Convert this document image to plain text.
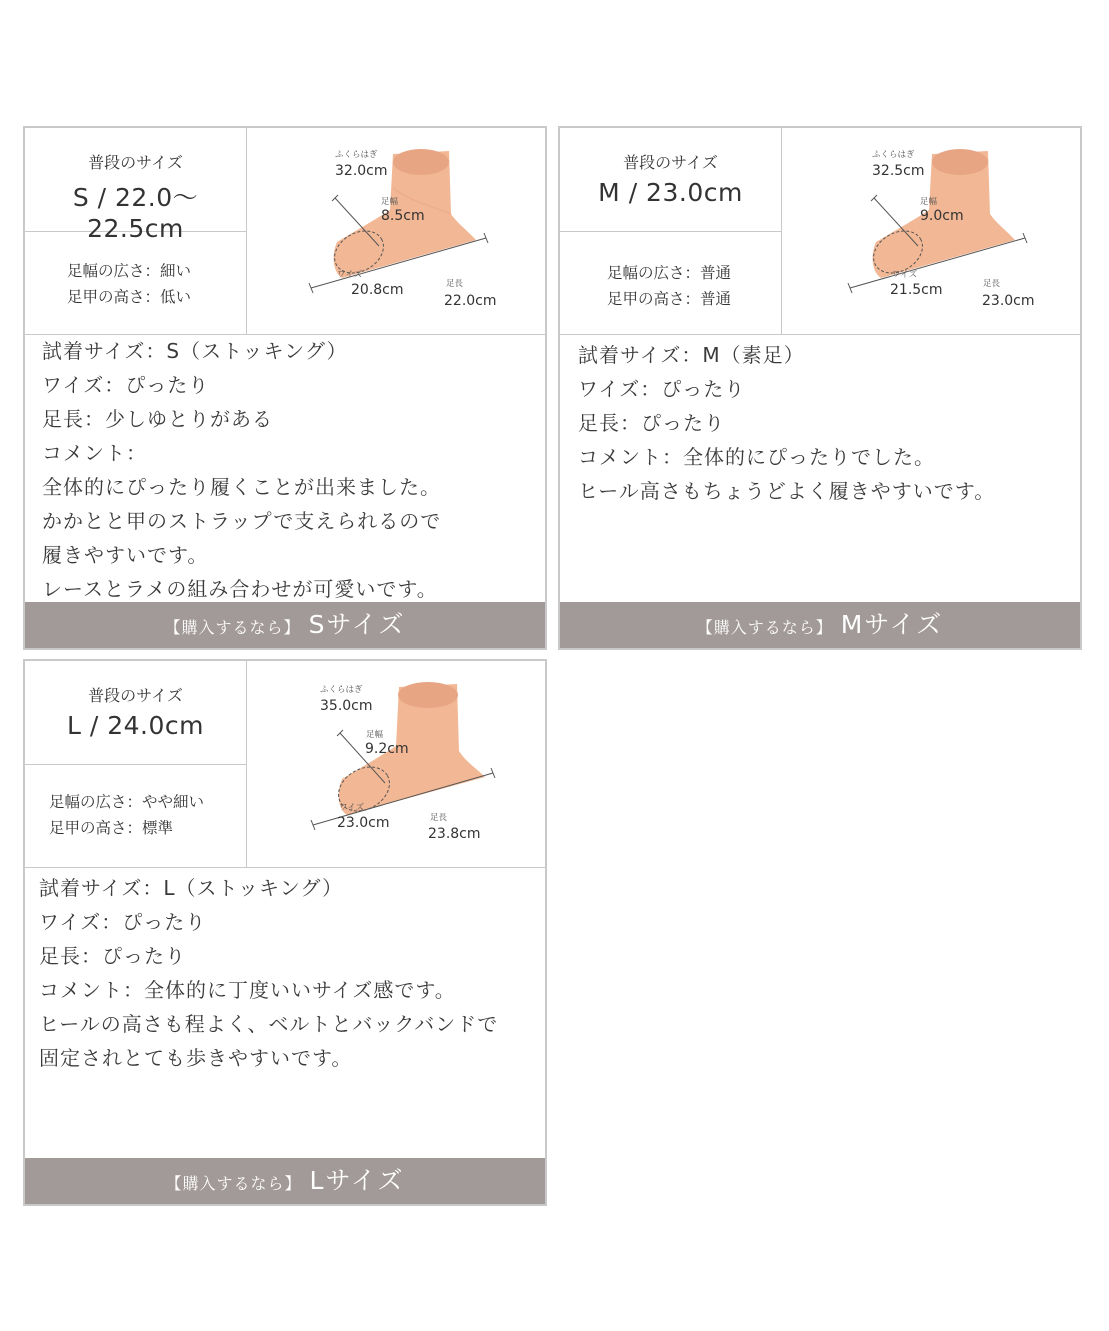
普段のサイズ
S / 22.0〜22.5cm
足幅の広さ：細い
足甲の高さ：低い
ふくらはぎ
32.0cm
足幅
8.5cm
ワイズ
20.8cm	足長
22.0cm
試着サイズ：S（ストッキング）
ワイズ：ぴったり
足長：少しゆとりがある
コメント：
全体的にぴったり履くことが出来ました。
かかとと甲のストラップで支えられるので
履きやすいです。
レースとラメの組み合わせが可愛いです。
【購入するなら】 Sサイズ
普段のサイズ
M / 23.0cm
足幅の広さ：普通
足甲の高さ：普通
ふくらはぎ
32.5cm
足幅
9.0cm
ワイズ
21.5cm	足長
23.0cm
試着サイズ：M（素足）
ワイズ：ぴったり
足長：ぴったり
コメント：全体的にぴったりでした。
ヒール高さもちょうどよく履きやすいです。
【購入するなら】 Mサイズ
普段のサイズ
L / 24.0cm
足幅の広さ：やや細い
足甲の高さ：標準
ふくらはぎ
35.0cm
足幅
9.2cm
ワイズ
23.0cm	足長
23.8cm
試着サイズ：L（ストッキング）
ワイズ：ぴったり
足長：ぴったり
コメント：全体的に丁度いいサイズ感です。
ヒールの高さも程よく、ベルトとバックバンドで
固定されとても歩きやすいです。
【購入するなら】 Lサイズ
